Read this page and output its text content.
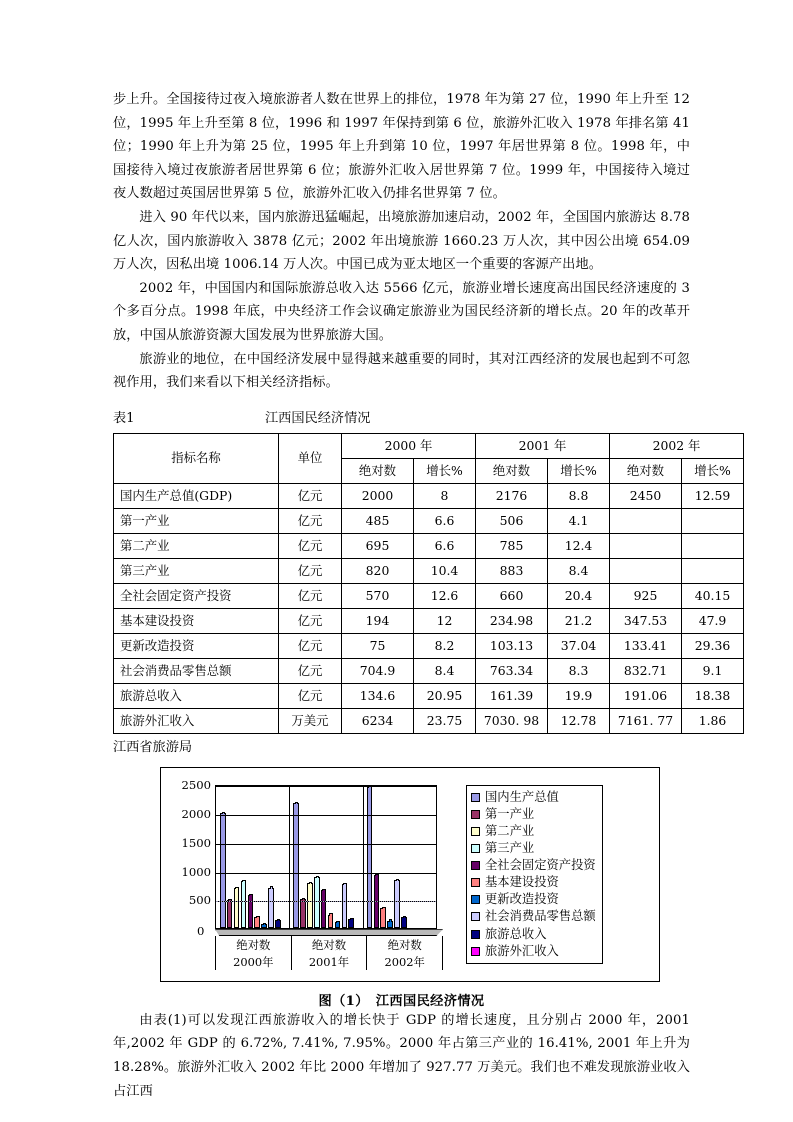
步上升。全国接待过夜入境旅游者人数在世界上的排位，1978 年为第 27 位，1990 年上升至 12 位，1995 年上升至第 8 位，1996 和 1997 年保持到第 6 位，旅游外汇收入 1978 年排名第 41 位；1990 年上升为第 25 位，1995 年上升到第 10 位，1997 年居世界第 8 位。1998 年，中国接待入境过夜旅游者居世界第 6 位；旅游外汇收入居世界第 7 位。1999 年，中国接待入境过夜人数超过英国居世界第 5 位，旅游外汇收入仍排名世界第 7 位。

进入 90 年代以来，国内旅游迅猛崛起，出境旅游加速启动，2002 年，全国国内旅游达 8.78 亿人次，国内旅游收入 3878 亿元；2002 年出境旅游 1660.23 万人次，其中因公出境 654.09 万人次，因私出境 1006.14 万人次。中国已成为亚太地区一个重要的客源产出地。

2002 年，中国国内和国际旅游总收入达 5566 亿元，旅游业增长速度高出国民经济速度的 3 个多百分点。1998 年底，中央经济工作会议确定旅游业为国民经济新的增长点。20 年的改革开放，中国从旅游资源大国发展为世界旅游大国。

旅游业的地位，在中国经济发展中显得越来越重要的同时，其对江西经济的发展也起到不可忽视作用，我们来看以下相关经济指标。

表1	江西国民经济情况
指标名称	单位	2000 年		2001 年		2002 年	
		绝对数	增长%	绝对数	增长%	绝对数	增长%
国内生产总值(GDP)	亿元	2000	8	2176	8.8	2450	12.59
第一产业	亿元	485	6.6	506	4.1		
第二产业	亿元	695	6.6	785	12.4		
第三产业	亿元	820	10.4	883	8.4		
全社会固定资产投资	亿元	570	12.6	660	20.4	925	40.15
基本建设投资	亿元	194	12	234.98	21.2	347.53	47.9
更新改造投资	亿元	75	8.2	103.13	37.04	133.41	29.36
社会消费品零售总额	亿元	704.9	8.4	763.34	8.3	832.71	9.1
旅游总收入	亿元	134.6	20.95	161.39	19.9	191.06	18.38
旅游外汇收入	万美元	6234	23.75	7030. 98	12.78	7161. 77	1.86
江西省旅游局
500
1000
1500
2000
2500
0
绝对数
2000年
绝对数
2001年
绝对数
2002年
国内生产总值
第一产业
第二产业
第三产业
全社会固定资产投资
基本建设投资
更新改造投资
社会消费品零售总额
旅游总收入
旅游外汇收入
图（1）　江西国民经济情况

由表(1)可以发现江西旅游收入的增长快于 GDP 的增长速度，且分别占 2000 年，2001 年,2002 年 GDP 的 6.72%, 7.41%, 7.95%。2000 年占第三产业的 16.41%, 2001 年上升为 18.28%。旅游外汇收入 2002 年比 2000 年增加了 927.77 万美元。我们也不难发现旅游业收入占江西
